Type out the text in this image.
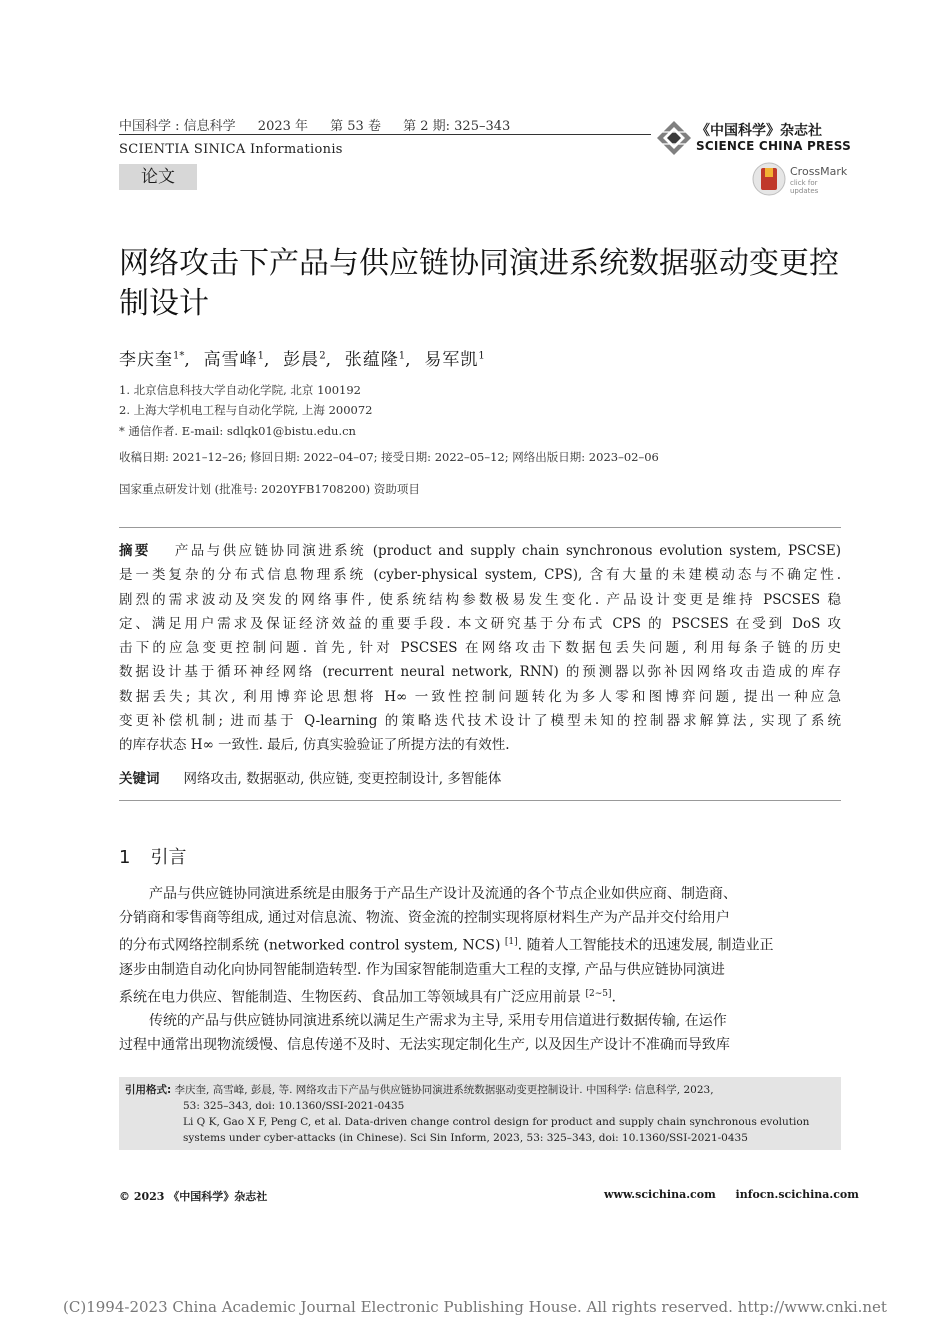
中国科学 : 信息科学 2023 年 第 53 卷 第 2 期: 325–343
SCIENTIA SINICA Informationis
《中国科学》杂志社
SCIENCE CHINA PRESS
CrossMark
click for updates
论文
网络攻击下产品与供应链协同演进系统数据驱动变更控制设计
李庆奎$^{1*}$,  高雪峰$^1$,  彭晨$^2$,  张蕴隆$^1$,  易军凯$^1$
1. 北京信息科技大学自动化学院, 北京 100192
2. 上海大学机电工程与自动化学院, 上海 200072
* 通信作者. E-mail: sdlqk01@bistu.edu.cn
收稿日期: 2021–12–26; 修回日期: 2022–04–07; 接受日期: 2022–05–12; 网络出版日期: 2023–02–06
国家重点研发计划 (批准号: 2020YFB1708200) 资助项目
摘要 产品与供应链协同演进系统 (product and supply chain synchronous evolution system, PSCSE)
是一类复杂的分布式信息物理系统 (cyber-physical system, CPS), 含有大量的未建模动态与不确定性.
剧烈的需求波动及突发的网络事件, 使系统结构参数极易发生变化. 产品设计变更是维持 PSCSES 稳
定、满足用户需求及保证经济效益的重要手段. 本文研究基于分布式 CPS 的 PSCSES 在受到 DoS 攻
击下的应急变更控制问题. 首先, 针对 PSCSES 在网络攻击下数据包丢失问题, 利用每条子链的历史
数据设计基于循环神经网络 (recurrent neural network, RNN) 的预测器以弥补因网络攻击造成的库存
数据丢失; 其次, 利用博弈论思想将 H∞ 一致性控制问题转化为多人零和图博弈问题, 提出一种应急
变更补偿机制; 进而基于 Q-learning 的策略迭代技术设计了模型未知的控制器求解算法, 实现了系统
的库存状态 H∞ 一致性. 最后, 仿真实验验证了所提方法的有效性.
关键词 网络攻击, 数据驱动, 供应链, 变更控制设计, 多智能体
1 引言
产品与供应链协同演进系统是由服务于产品生产设计及流通的各个节点企业如供应商、制造商、
分销商和零售商等组成, 通过对信息流、物流、资金流的控制实现将原材料生产为产品并交付给用户
的分布式网络控制系统 (networked control system, NCS) [1]. 随着人工智能技术的迅速发展, 制造业正
逐步由制造自动化向协同智能制造转型. 作为国家智能制造重大工程的支撑, 产品与供应链协同演进
系统在电力供应、智能制造、生物医药、食品加工等领域具有广泛应用前景 [2∼5].
传统的产品与供应链协同演进系统以满足生产需求为主导, 采用专用信道进行数据传输, 在运作
过程中通常出现物流缓慢、信息传递不及时、无法实现定制化生产, 以及因生产设计不准确而导致库
引用格式: 李庆奎, 高雪峰, 彭晨, 等. 网络攻击下产品与供应链协同演进系统数据驱动变更控制设计. 中国科学: 信息科学, 2023,
53: 325–343, doi: 10.1360/SSI-2021-0435
Li Q K, Gao X F, Peng C, et al. Data-driven change control design for product and supply chain synchronous evolution
systems under cyber-attacks (in Chinese). Sci Sin Inform, 2023, 53: 325–343, doi: 10.1360/SSI-2021-0435
© 2023 《中国科学》杂志社	www.scichina.com infocn.scichina.com
(C)1994-2023 China Academic Journal Electronic Publishing House. All rights reserved. http://www.cnki.net
